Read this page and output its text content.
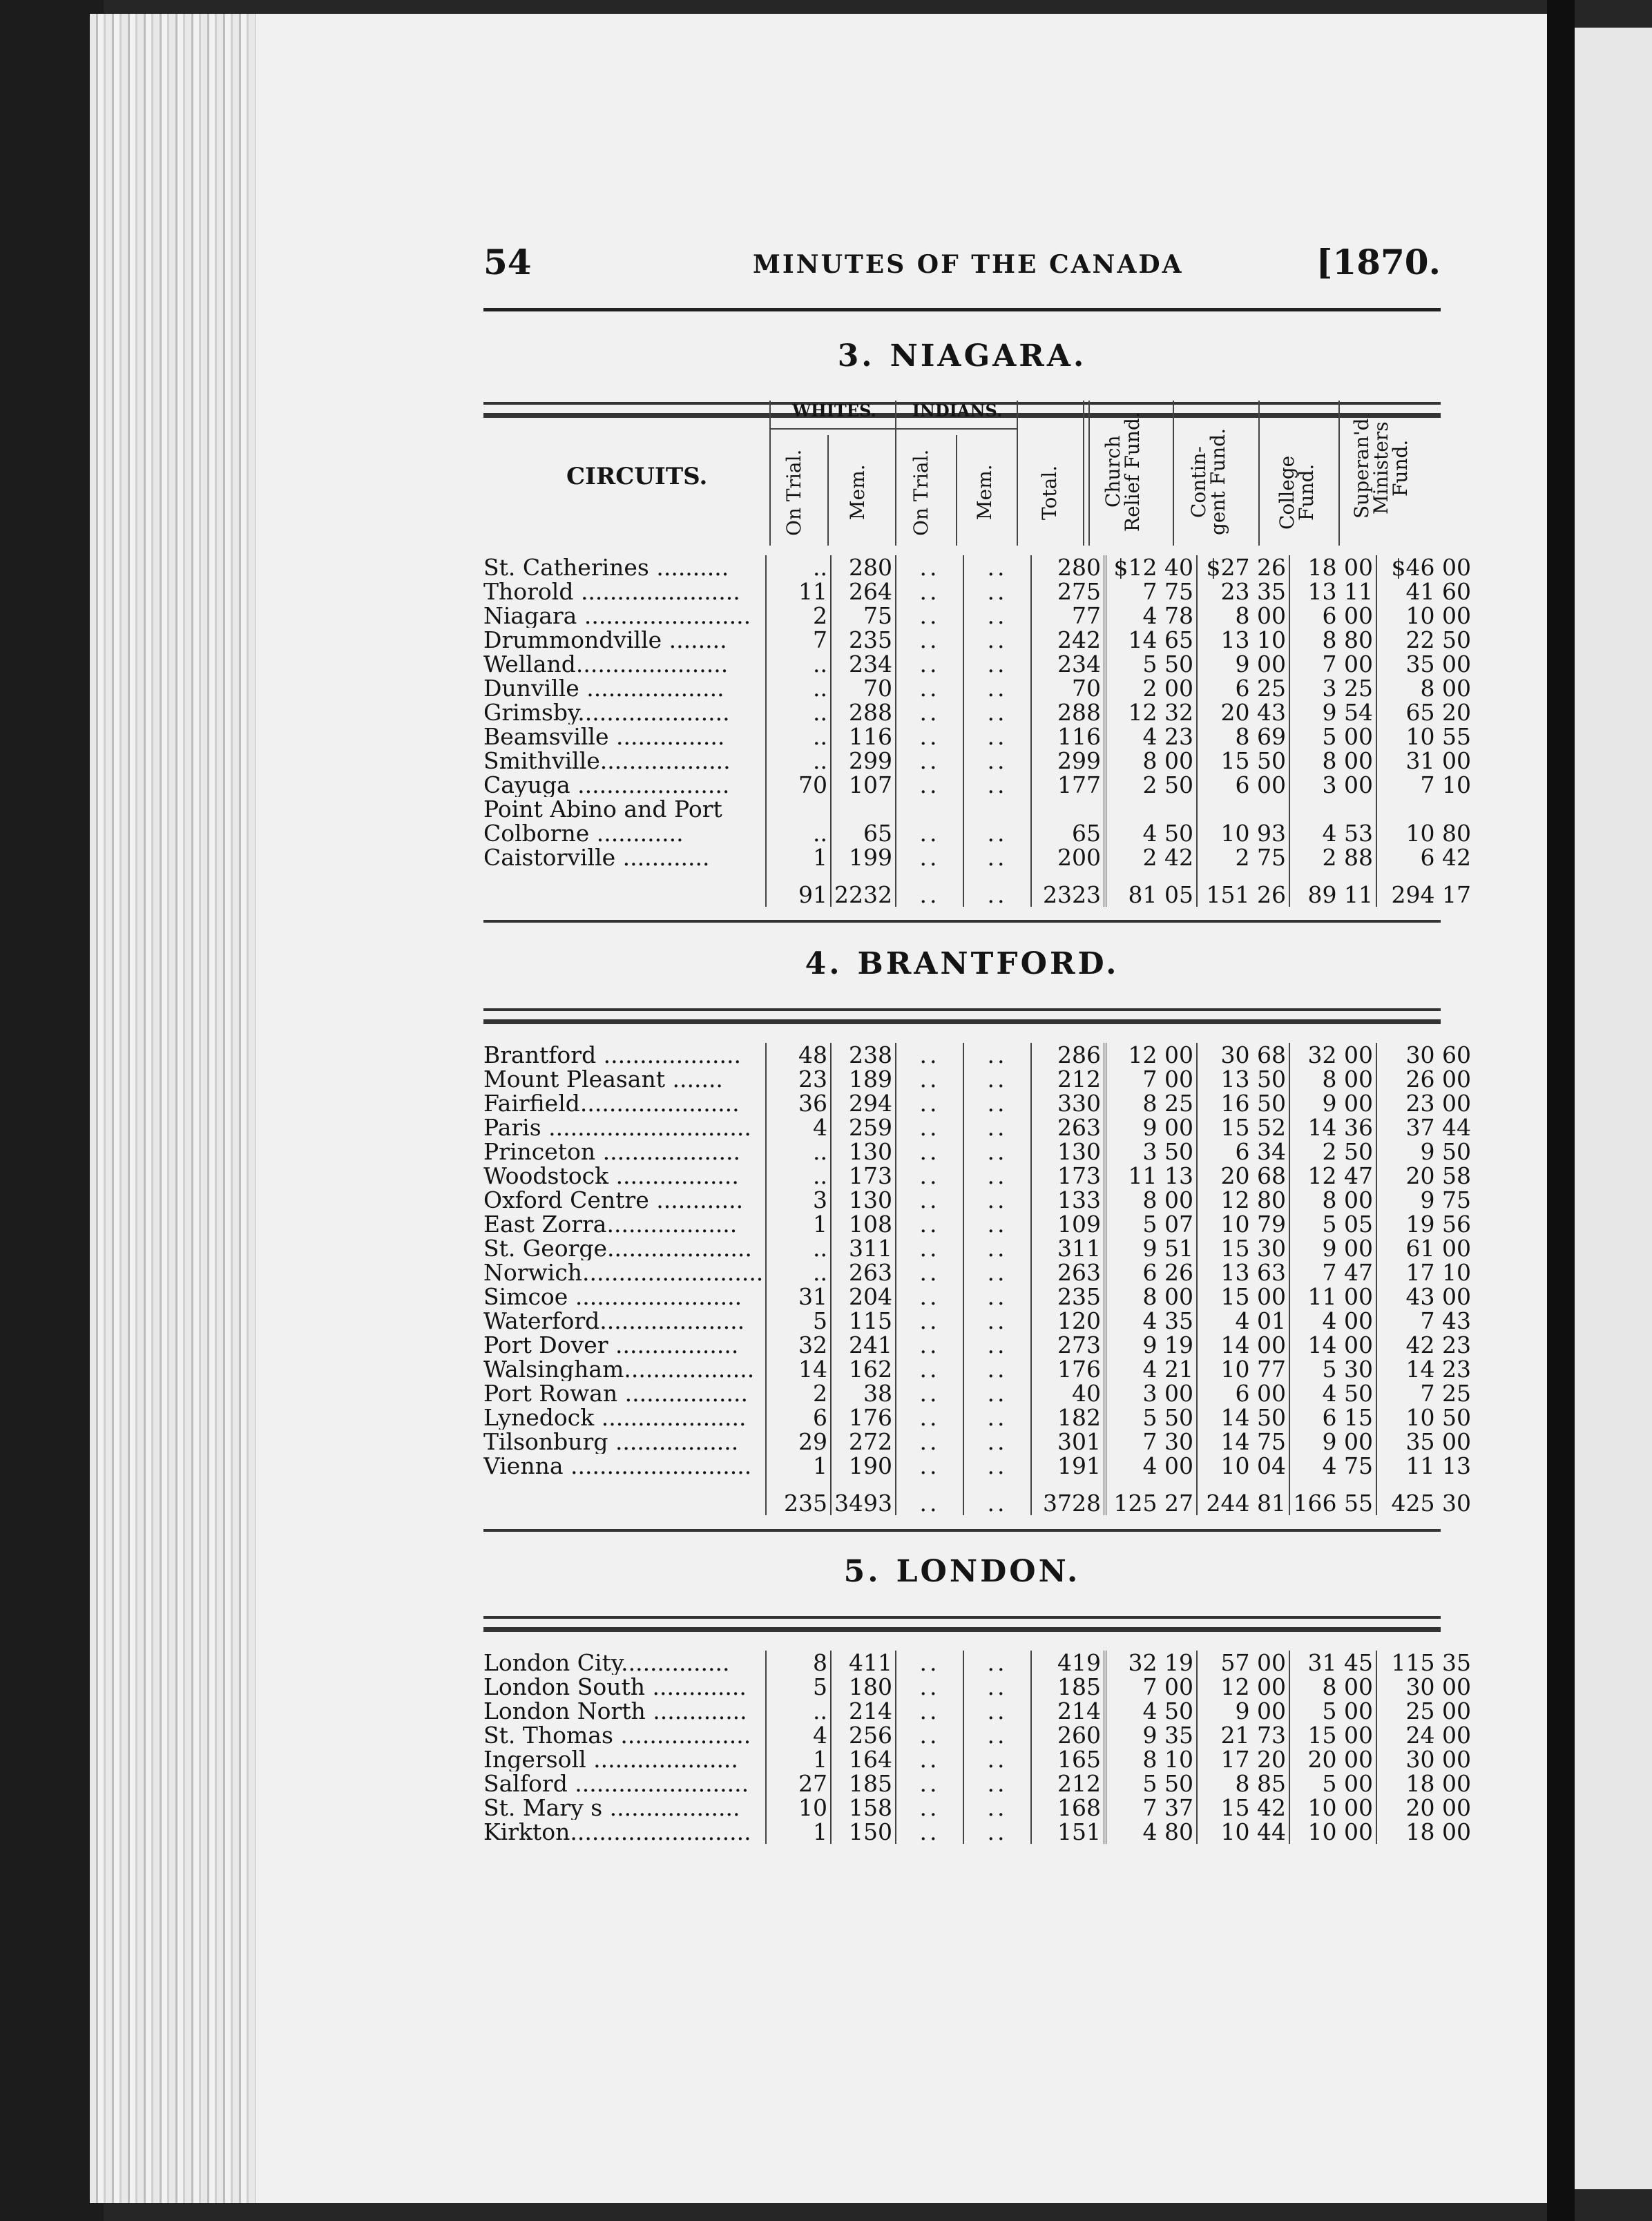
54	MINUTES OF THE CANADA	[1870.
3. NIAGARA.
CIRCUITS.
WHITES.	INDIANS.
On Trial. Mem. On Trial. Mem. Total. Church Relief Fund.	Contin- gent Fund.	College Fund. Superan'd Ministers Fund.
St. Catherines ..........	..	280	..	..	280	$12 40	$27 26	18 00	$46 00
Thorold ......................	11	264	..	..	275	7 75	23 35	13 11	41 60
Niagara .......................	2	75	..	..	77	4 78	8 00	6 00	10 00
Drummondville ........	7	235	..	..	242	14 65	13 10	8 80	22 50
Welland.....................	..	234	..	..	234	5 50	9 00	7 00	35 00
Dunville ...................	..	70	..	..	70	2 00	6 25	3 25	8 00
Grimsby.....................	..	288	..	..	288	12 32	20 43	9 54	65 20
Beamsville ...............	..	116	..	..	116	4 23	8 69	5 00	10 55
Smithville..................	..	299	..	..	299	8 00	15 50	8 00	31 00
Cayuga .....................	70	107	..	..	177	2 50	6 00	3 00	7 10
Point Abino and Port									
Colborne ............	..	65	..	..	65	4 50	10 93	4 53	10 80
Caistorville ............	1	199	..	..	200	2 42	2 75	2 88	6 42
	91	2232	..	..	2323	81 05	151 26	89 11	294 17
4. BRANTFORD.
Brantford ...................	48	238	..	..	286	12 00	30 68	32 00	30 60
Mount Pleasant .......	23	189	..	..	212	7 00	13 50	8 00	26 00
Fairfield......................	36	294	..	..	330	8 25	16 50	9 00	23 00
Paris ............................	4	259	..	..	263	9 00	15 52	14 36	37 44
Princeton ...................	..	130	..	..	130	3 50	6 34	2 50	9 50
Woodstock .................	..	173	..	..	173	11 13	20 68	12 47	20 58
Oxford Centre ............	3	130	..	..	133	8 00	12 80	8 00	9 75
East Zorra..................	1	108	..	..	109	5 07	10 79	5 05	19 56
St. George....................	..	311	..	..	311	9 51	15 30	9 00	61 00
Norwich.........................	..	263	..	..	263	6 26	13 63	7 47	17 10
Simcoe .......................	31	204	..	..	235	8 00	15 00	11 00	43 00
Waterford....................	5	115	..	..	120	4 35	4 01	4 00	7 43
Port Dover .................	32	241	..	..	273	9 19	14 00	14 00	42 23
Walsingham..................	14	162	..	..	176	4 21	10 77	5 30	14 23
Port Rowan .................	2	38	..	..	40	3 00	6 00	4 50	7 25
Lynedock ....................	6	176	..	..	182	5 50	14 50	6 15	10 50
Tilsonburg .................	29	272	..	..	301	7 30	14 75	9 00	35 00
Vienna .........................	1	190	..	..	191	4 00	10 04	4 75	11 13
	235	3493	..	..	3728	125 27	244 81	166 55	425 30
5. LONDON.
London City...............	8	411	..	..	419	32 19	57 00	31 45	115 35
London South .............	5	180	..	..	185	7 00	12 00	8 00	30 00
London North .............	..	214	..	..	214	4 50	9 00	5 00	25 00
St. Thomas ..................	4	256	..	..	260	9 35	21 73	15 00	24 00
Ingersoll ....................	1	164	..	..	165	8 10	17 20	20 00	30 00
Salford ........................	27	185	..	..	212	5 50	8 85	5 00	18 00
St. Mary s ..................	10	158	..	..	168	7 37	15 42	10 00	20 00
Kirkton.........................	1	150	..	..	151	4 80	10 44	10 00	18 00
